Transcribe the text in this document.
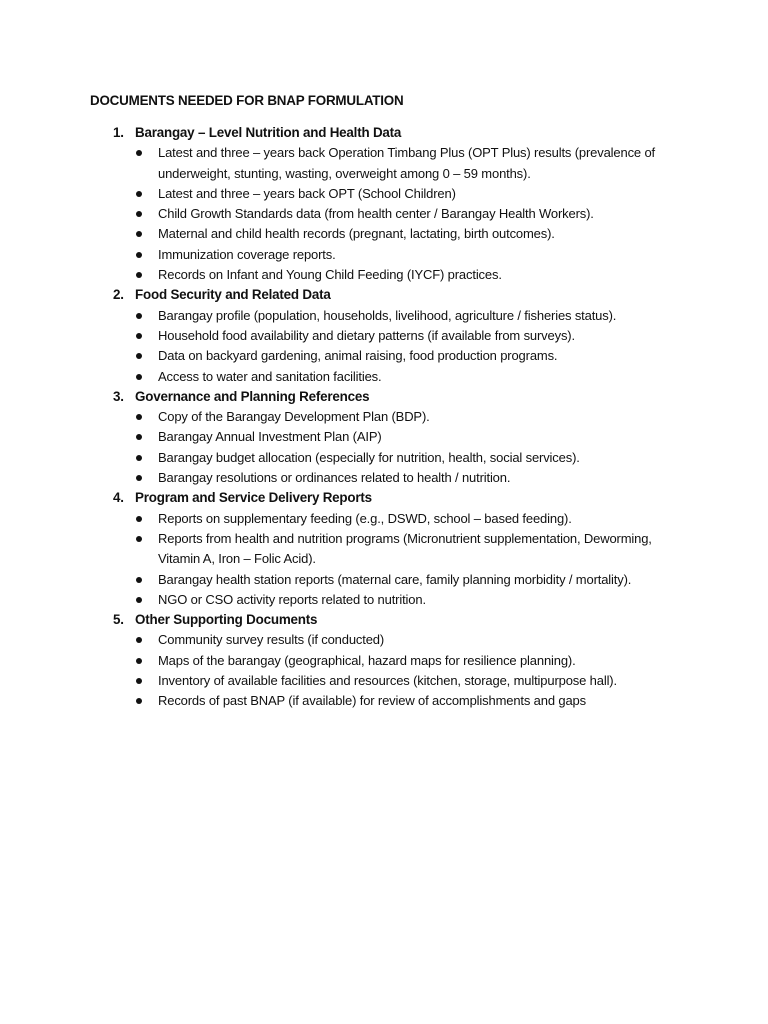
DOCUMENTS NEEDED FOR BNAP FORMULATION
1. Barangay – Level Nutrition and Health Data
Latest and three – years back Operation Timbang Plus (OPT Plus) results (prevalence of underweight, stunting, wasting, overweight among 0 – 59 months).
Latest and three – years back OPT (School Children)
Child Growth Standards data (from health center / Barangay Health Workers).
Maternal and child health records (pregnant, lactating, birth outcomes).
Immunization coverage reports.
Records on Infant and Young Child Feeding (IYCF) practices.
2. Food Security and Related Data
Barangay profile (population, households, livelihood, agriculture / fisheries status).
Household food availability and dietary patterns (if available from surveys).
Data on backyard gardening, animal raising, food production programs.
Access to water and sanitation facilities.
3. Governance and Planning References
Copy of the Barangay Development Plan (BDP).
Barangay Annual Investment Plan (AIP)
Barangay budget allocation (especially for nutrition, health, social services).
Barangay resolutions or ordinances related to health / nutrition.
4. Program and Service Delivery Reports
Reports on supplementary feeding (e.g., DSWD, school – based feeding).
Reports from health and nutrition programs (Micronutrient supplementation, Deworming, Vitamin A, Iron – Folic Acid).
Barangay health station reports (maternal care, family planning morbidity / mortality).
NGO or CSO activity reports related to nutrition.
5. Other Supporting Documents
Community survey results (if conducted)
Maps of the barangay (geographical, hazard maps for resilience planning).
Inventory of available facilities and resources (kitchen, storage, multipurpose hall).
Records of past BNAP (if available) for review of accomplishments and gaps
